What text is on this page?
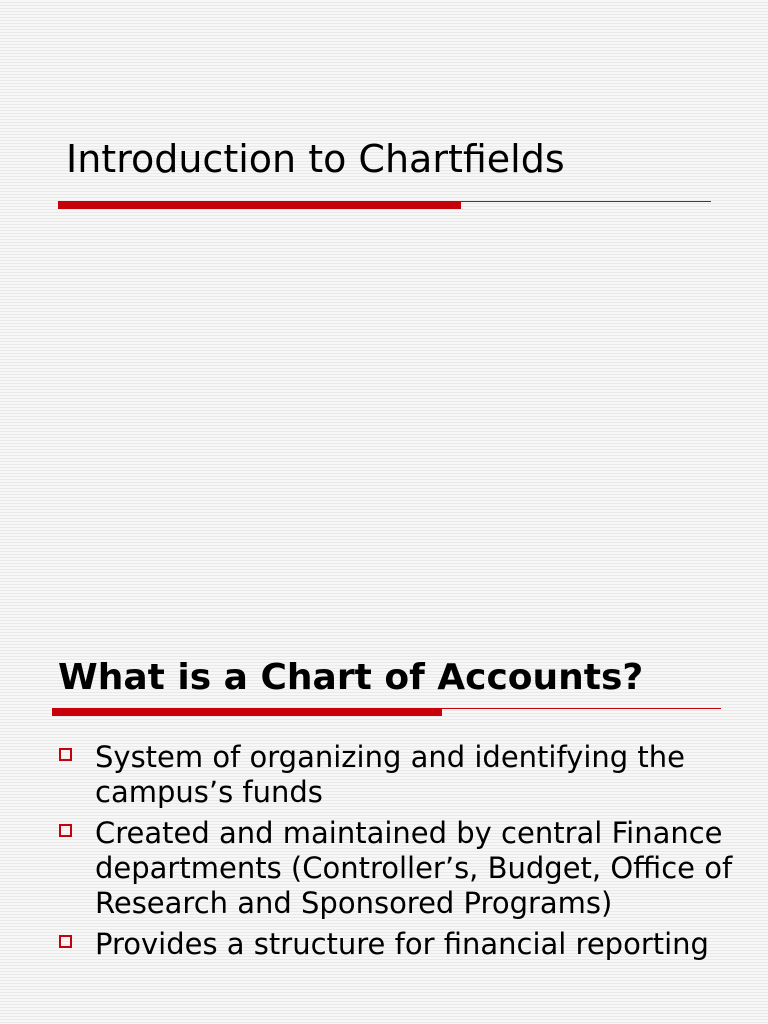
Introduction to Chartfields
What is a Chart of Accounts?
System of organizing and identifying the campus’s funds
Created and maintained by central Finance departments (Controller’s, Budget, Office of Research and Sponsored Programs)
Provides a structure for financial reporting
